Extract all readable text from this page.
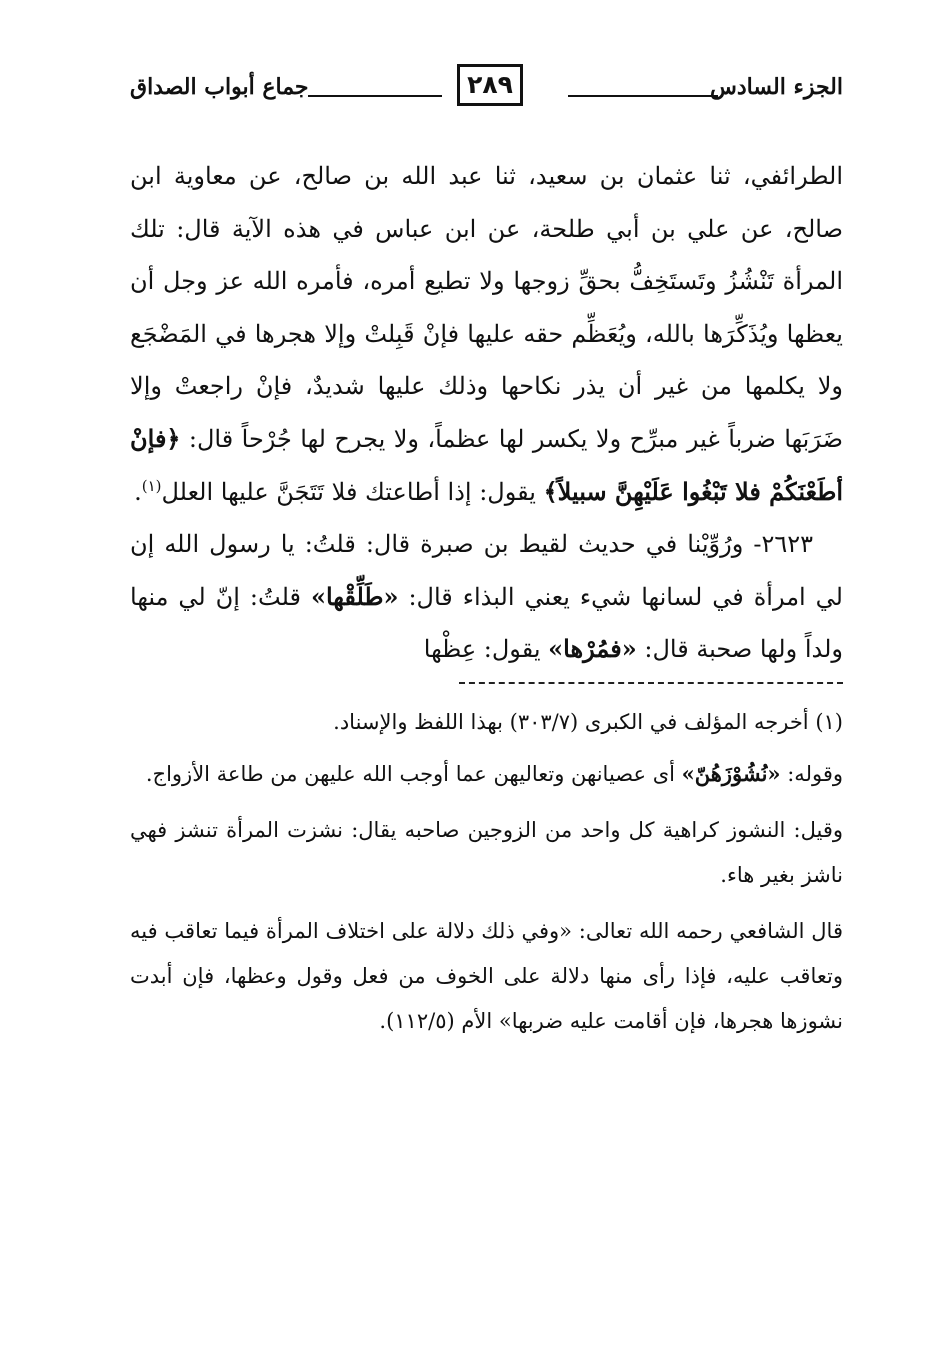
الجزء السادس
٢٨٩
جماع أبواب الصداق

الطرائفي، ثنا عثمان بن سعيد، ثنا عبد الله بن صالح، عن معاوية ابن صالح، عن علي بن أبي طلحة، عن ابن عباس في هذه الآية قال: تلك المرأة تَنْشُزُ وتَستَخِفُّ بحقِّ زوجها ولا تطيع أمره، فأمره الله عز وجل أن يعظها ويُذَكِّرَها بالله، ويُعَظِّم حقه عليها فإنْ قَبِلتْ وإلا هجرها في المَضْجَع ولا يكلمها من غير أن يذر نكاحها وذلك عليها شديدٌ، فإنْ راجعتْ وإلا ضَرَبَها ضرباً غير مبرِّح ولا يكسر لها عظماً، ولا يجرح لها جُرْحاً قال: ﴿فإنْ أطَعْنَكُمْ فلا تَبْغُوا عَلَيْهِنَّ سبيلاً﴾ يقول: إذا أطاعتك فلا تَتَجَنَّ عليها العلل$^{(١)}$.

٢٦٢٣- ورُوِّيْنا في حديث لقيط بن صبرة قال: قلتُ: يا رسول الله إن لي امرأة في لسانها شيء يعني البذاء قال: «طَلِّقْها» قلتُ: إنّ لي منها ولداً ولها صحبة قال: «فمُرْها» يقول: عِظْها

(١) أخرجه المؤلف في الكبرى (٣٠٣/٧) بهذا اللفظ والإسناد.

وقوله: «نُشُوْزَهُنّ» أى عصيانهن وتعاليهن عما أوجب الله عليهن من طاعة الأزواج.

وقيل: النشوز كراهية كل واحد من الزوجين صاحبه يقال: نشزت المرأة تنشز فهي ناشز بغير هاء.

قال الشافعي رحمه الله تعالى: «وفي ذلك دلالة على اختلاف المرأة فيما تعاقب فيه وتعاقب عليه، فإذا رأى منها دلالة على الخوف من فعل وقول وعظها، فإن أبدت نشوزها هجرها، فإن أقامت عليه ضربها» الأم (١١٢/٥).
